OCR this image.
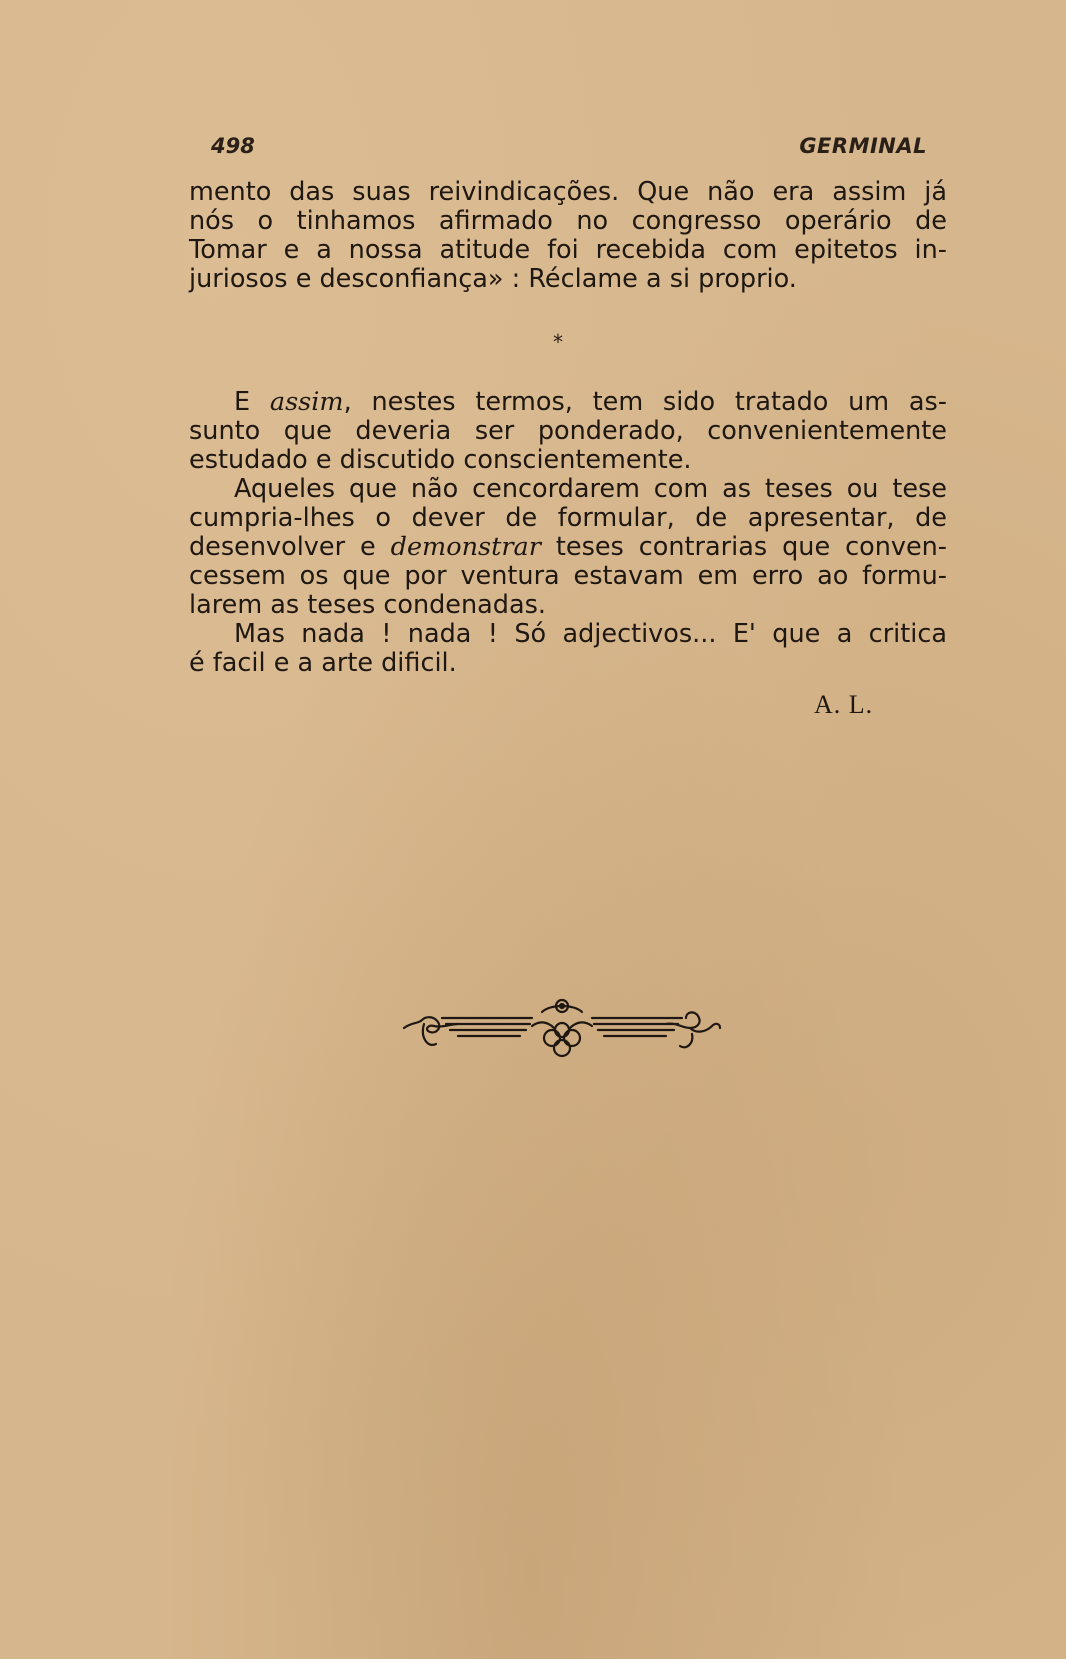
498	GERMINAL
mento das suas reivindicações. Que não era assim já
nós o tinhamos afirmado no congresso operário de
Tomar e a nossa atitude foi recebida com epitetos in-
juriosos e desconfiança» : Réclame a si proprio.
*
E assim, nestes termos, tem sido tratado um as-
sunto que deveria ser ponderado, convenientemente
estudado e discutido conscientemente.
Aqueles que não cencordarem com as teses ou tese
cumpria-lhes o dever de formular, de apresentar, de
desenvolver e demonstrar teses contrarias que conven-
cessem os que por ventura estavam em erro ao formu-
larem as teses condenadas.
Mas nada ! nada ! Só adjectivos... E' que a critica
é facil e a arte dificil.
A. L.
